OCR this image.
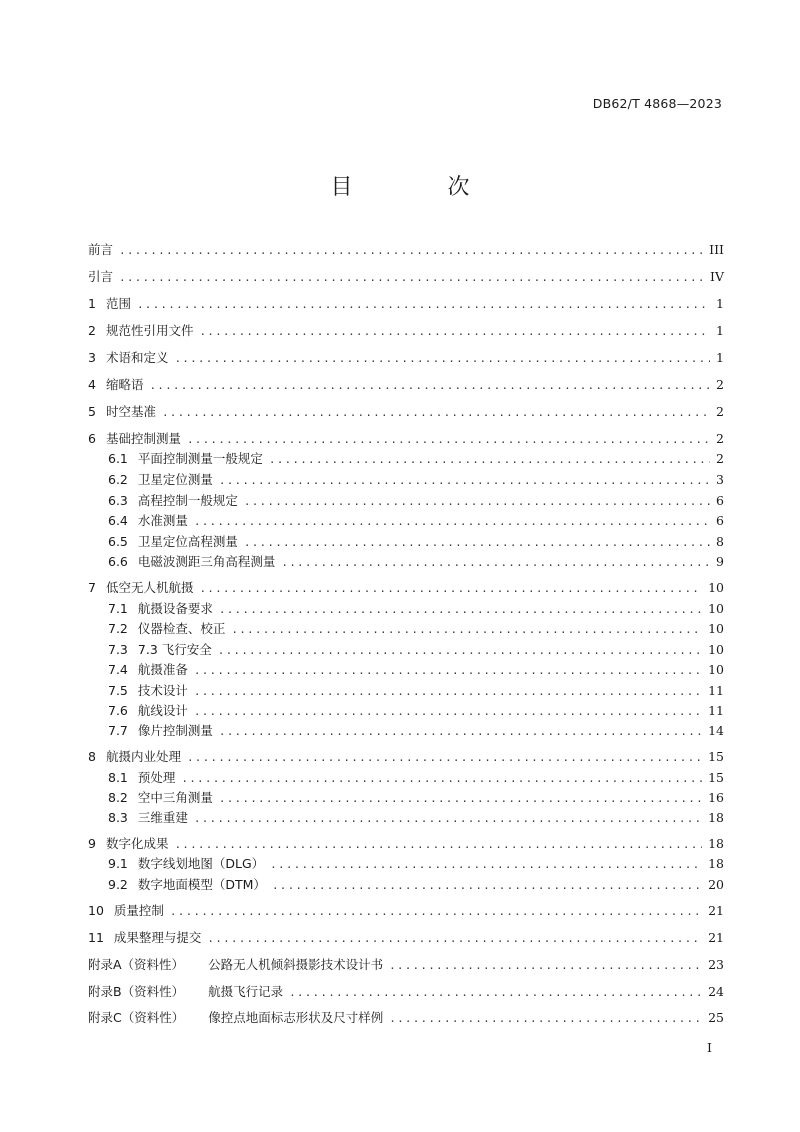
DB62/T 4868—2023
目 次
前言 .....	III
引言 .....	IV
1 范围 .....	1
2 规范性引用文件 .....	1
3 术语和定义 .....	1
4 缩略语 .....	2
5 时空基准 .....	2
6 基础控制测量 .....	2
6.1 平面控制测量一般规定 .....	2
6.2 卫星定位测量 .....	3
6.3 高程控制一般规定 .....	6
6.4 水准测量 .....	6
6.5 卫星定位高程测量 .....	8
6.6 电磁波测距三角高程测量 .....	9
7 低空无人机航摄 .....	10
7.1 航摄设备要求 .....	10
7.2 仪器检查、校正 .....	10
7.3 7.3 飞行安全 .....	10
7.4 航摄准备 .....	10
7.5 技术设计 .....	11
7.6 航线设计 .....	11
7.7 像片控制测量 .....	14
8 航摄内业处理 .....	15
8.1 预处理 .....	15
8.2 空中三角测量 .....	16
8.3 三维重建 .....	18
9 数字化成果 .....	18
9.1 数字线划地图（DLG） .....	18
9.2 数字地面模型（DTM） .....	20
10 质量控制 .....	21
11 成果整理与提交 .....	21
附录A（资料性） 公路无人机倾斜摄影技术设计书 .....	23
附录B（资料性） 航摄飞行记录 .....	24
附录C（资料性） 像控点地面标志形状及尺寸样例 .....	25
I
